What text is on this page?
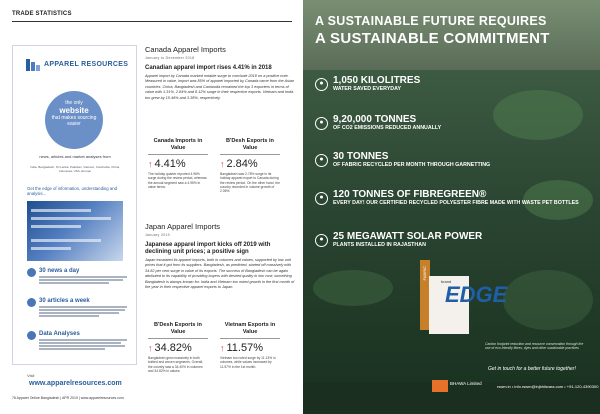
TRADE STATISTICS
APPAREL RESOURCES
the only
website
that makes sourcing easier
news, articles and market analyses from
India, Bangladesh, Sri Lanka, Pakistan, Vietnam, Cambodia, China, Indonesia, USA, Europe
Get the edge of information, understanding and analysis...
30 news a day
30 articles a week
Data Analyses
Visit
www.apparelresources.com
Canada Apparel Imports
January to December 2018
Canadian apparel import rises 4.41% in 2018
Apparel import by Canada marked notable surge to conclude 2018 on a positive note. Measured in value, import was 85% of apparel imported by Canada came from the Asian countries. China, Bangladesh and Cambodia remained the top 3 exporters in terms of value with 1.31%, 2.84% and 8.12% surge in their respective exports. Vietnam and India too grew by 15.46% and 3.38%, respectively.
Canada Imports in Value
↑ 4.41 %
The holiday quarter reported 4.96% surge during the review period, whereas the annual segment saw a 4.95% in value terms.
B'Desh Exports in Value
↑ 2.84 %
Bangladesh saw 2.78% surge in its holiday apparel export to Canada during the review period. On the other hand, the country recorded in volume growth of 2.06%.
Japan Apparel Imports
January 2019
Japanese apparel import kicks off 2019 with declining unit prices; a positive sign
Japan escalated its apparel imports, both in volumes and values, supported by low unit prices that it got from its suppliers. Bangladesh, as predicted, started off massively with 34.82 per cent surge in value of its exports. The success of Bangladesh can be again attributed to its capability of providing buyers with desired quality in low cost; something Bangladesh is always known for. India and Vietnam too noted growth in the first month of the year in their respective apparel exports to Japan.
B'Desh Exports in Value
↑ 34.82 %
Bangladesh grew massively in both knitted and woven segments. Overall, the country saw a 34.40% in volumes and 34.82% in values.
Vietnam Exports in Value
↑ 11.57 %
Vietnam too noted surge by 11.13% in volumes, while values increased by 11.57% in the 1st month.
76 Apparel Online Bangladesh | APR 2019 | www.apparelresources.com
A SUSTAINABLE FUTURE REQUIRES
A SUSTAINABLE COMMITMENT
● 1,050 KILOLITRES
WATER SAVED EVERYDAY
● 9,20,000 TONNES
OF CO2 EMISSIONS REDUCED ANNUALLY
● 30 TONNES
OF FABRIC RECYCLED PER MONTH THROUGH GARNETTING
● 120 TONNES OF FIBREGREEN®
EVERY DAY! OUR CERTIFIED RECYCLED POLYESTER FIBRE MADE WITH WASTE PET BOTTLES
● 25 MEGAWATT SOLAR POWER
PLANTS INSTALLED IN RAJASTHAN
FABRIC
brand
EDGE
Carbon footprint reduction and resource conservation through the use of eco-friendly fibres, dyes and other sustainable practices
Get in touch for a better future together!
BHAWA Limited
rswm.in • info.rswm@lnjbhilwara.com • +91-120-4390300
